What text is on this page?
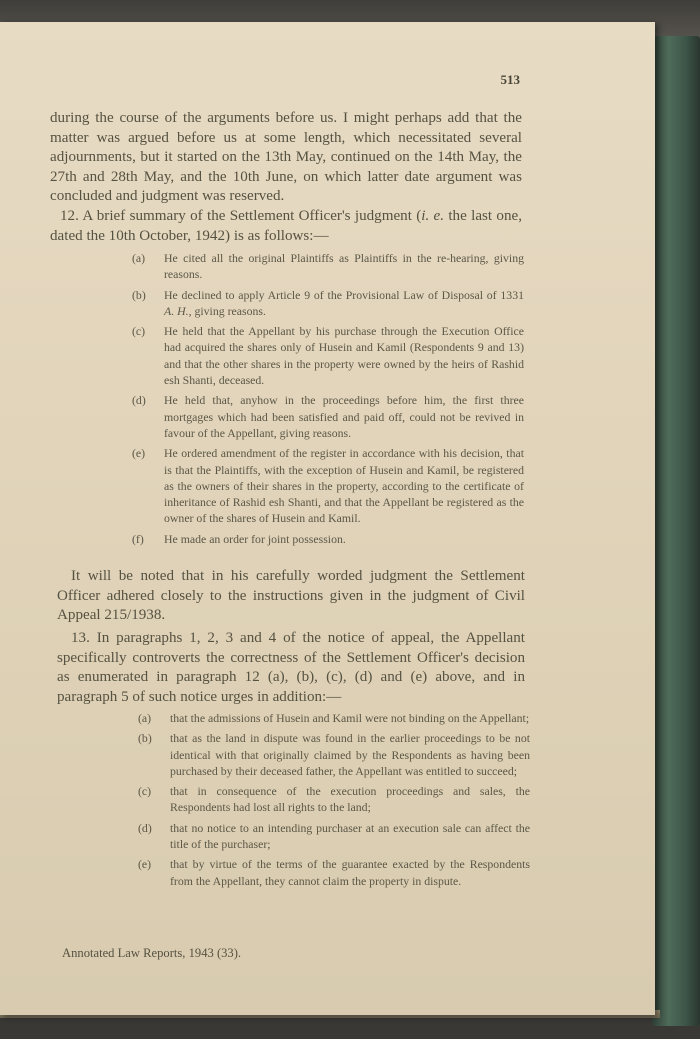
513
during the course of the arguments before us. I might perhaps add that the matter was argued before us at some length, which necessitated several adjournments, but it started on the 13th May, continued on the 14th May, the 27th and 28th May, and the 10th June, on which latter date argument was concluded and judgment was reserved.
12. A brief summary of the Settlement Officer's judgment (i. e. the last one, dated the 10th October, 1942) is as follows:—
(a)	He cited all the original Plaintiffs as Plaintiffs in the re-hearing, giving reasons.
(b)	He declined to apply Article 9 of the Provisional Law of Disposal of 1331 A. H., giving reasons.
(c)	He held that the Appellant by his purchase through the Execution Office had acquired the shares only of Husein and Kamil (Respondents 9 and 13) and that the other shares in the property were owned by the heirs of Rashid esh Shanti, deceased.
(d)	He held that, anyhow in the proceedings before him, the first three mortgages which had been satisfied and paid off, could not be revived in favour of the Appellant, giving reasons.
(e)	He ordered amendment of the register in accordance with his decision, that is that the Plaintiffs, with the exception of Husein and Kamil, be registered as the owners of their shares in the property, according to the certificate of inheritance of Rashid esh Shanti, and that the Appellant be registered as the owner of the shares of Husein and Kamil.
(f)	He made an order for joint possession.
It will be noted that in his carefully worded judgment the Settlement Officer adhered closely to the instructions given in the judgment of Civil Appeal 215/1938.
13. In paragraphs 1, 2, 3 and 4 of the notice of appeal, the Appellant specifically controverts the correctness of the Settlement Officer's decision as enumerated in paragraph 12 (a), (b), (c), (d) and (e) above, and in paragraph 5 of such notice urges in addition:—
(a)	that the admissions of Husein and Kamil were not binding on the Appellant;
(b)	that as the land in dispute was found in the earlier proceedings to be not identical with that originally claimed by the Respondents as having been purchased by their deceased father, the Appellant was entitled to succeed;
(c)	that in consequence of the execution proceedings and sales, the Respondents had lost all rights to the land;
(d)	that no notice to an intending purchaser at an execution sale can affect the title of the purchaser;
(e)	that by virtue of the terms of the guarantee exacted by the Respondents from the Appellant, they cannot claim the property in dispute.
Annotated Law Reports, 1943 (33).
